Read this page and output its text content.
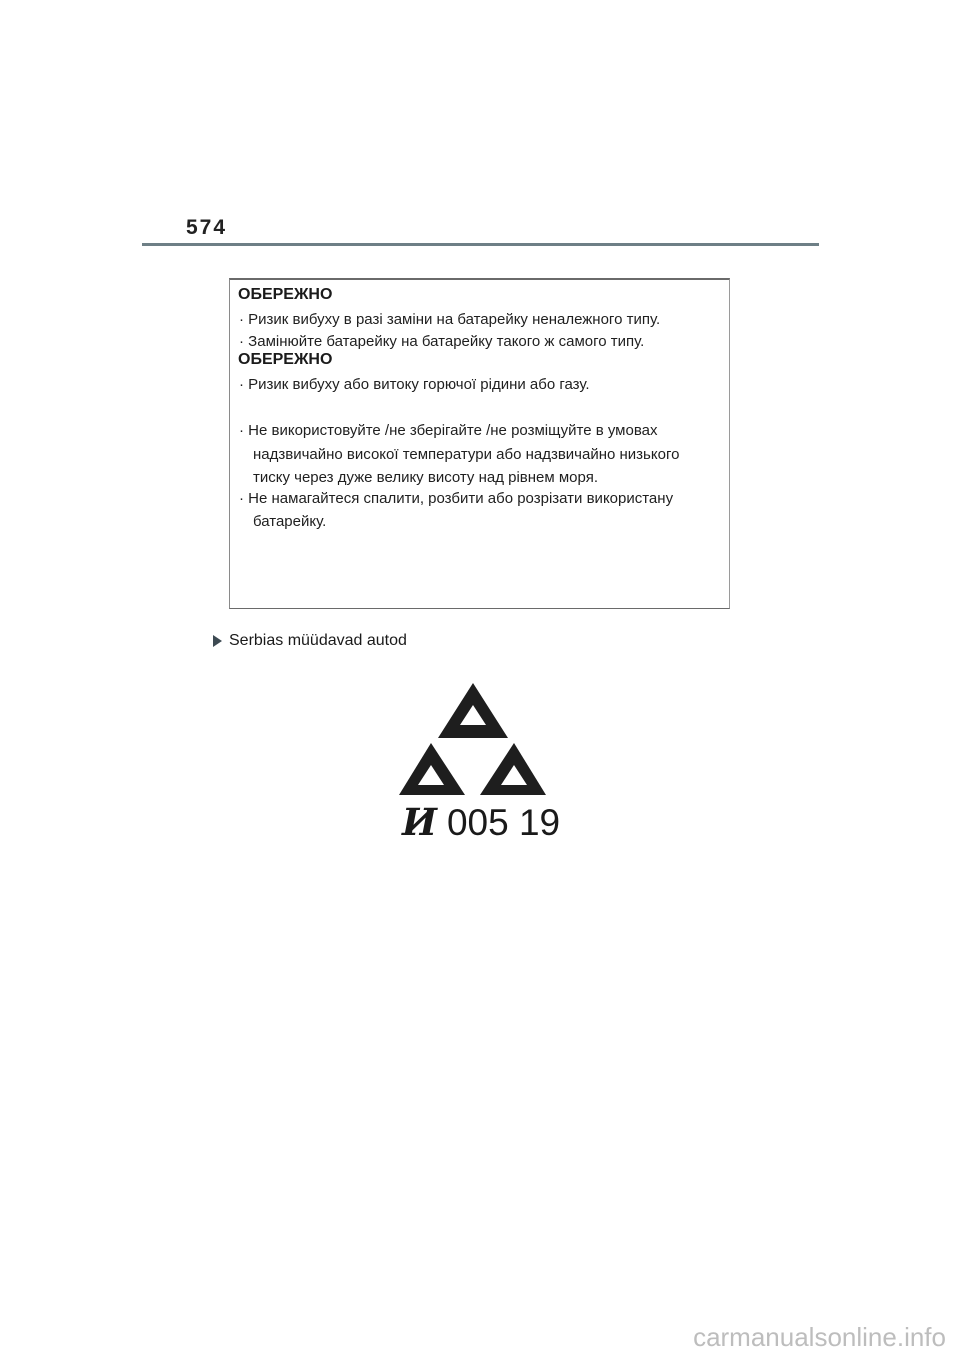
574
ОБЕРЕЖНО
· Ризик вибуху в разі заміни на батарейку неналежного типу.
· Замінюйте батарейку на батарейку такого ж самого типу.
ОБЕРЕЖНО
· Ризик вибуху або витоку горючої рідини або газу.
· Не використовуйте /не зберігайте /не розміщуйте в умовах
надзвичайно високої температури або надзвичайно низького
тиску через дуже велику висоту над рівнем моря.
· Не намагайтеся спалити, розбити або розрізати використану
батарейку.
Serbias müüdavad autod
И 005 19
carmanualsonline.info
